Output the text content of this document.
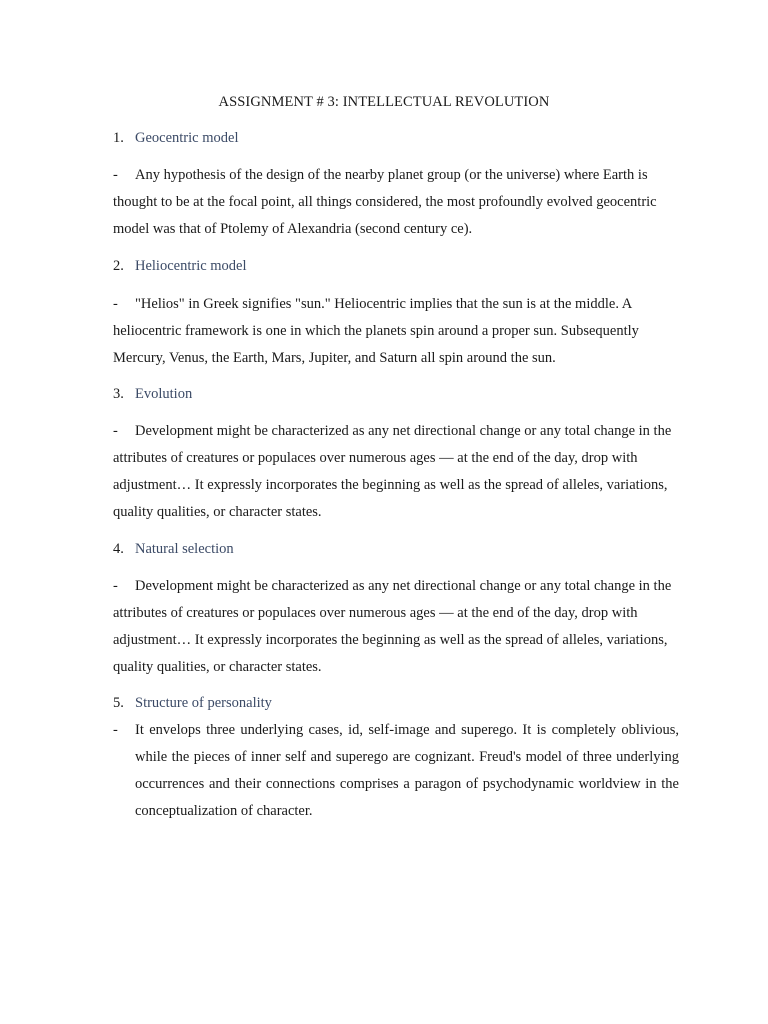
ASSIGNMENT # 3: INTELLECTUAL REVOLUTION
1. Geocentric model
- Any hypothesis of the design of the nearby planet group (or the universe) where Earth is thought to be at the focal point, all things considered, the most profoundly evolved geocentric model was that of Ptolemy of Alexandria (second century ce).
2. Heliocentric model
- "Helios" in Greek signifies "sun." Heliocentric implies that the sun is at the middle. A heliocentric framework is one in which the planets spin around a proper sun. Subsequently Mercury, Venus, the Earth, Mars, Jupiter, and Saturn all spin around the sun.
3. Evolution
- Development might be characterized as any net directional change or any total change in the attributes of creatures or populaces over numerous ages — at the end of the day, drop with adjustment… It expressly incorporates the beginning as well as the spread of alleles, variations, quality qualities, or character states.
4. Natural selection
- Development might be characterized as any net directional change or any total change in the attributes of creatures or populaces over numerous ages — at the end of the day, drop with adjustment… It expressly incorporates the beginning as well as the spread of alleles, variations, quality qualities, or character states.
5. Structure of personality
- It envelops three underlying cases, id, self-image and superego. It is completely oblivious, while the pieces of inner self and superego are cognizant. Freud's model of three underlying occurrences and their connections comprises a paragon of psychodynamic worldview in the conceptualization of character.
